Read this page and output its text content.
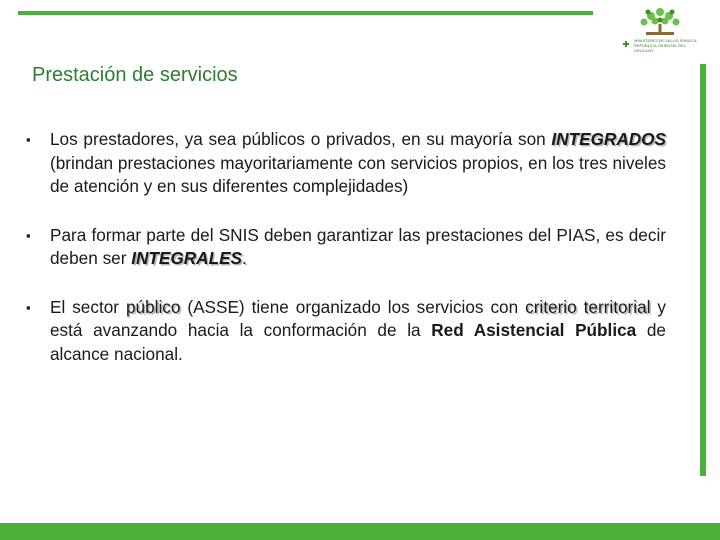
MINISTERIO DE SALUD PÚBLICA
REPÚBLICA ORIENTAL DEL URUGUAY
Prestación de servicios

▪ Los prestadores, ya sea públicos o privados, en su mayoría son INTEGRADOS (brindan prestaciones mayoritariamente con servicios propios, en los tres niveles de atención y en sus diferentes complejidades)

▪ Para formar parte del SNIS deben garantizar las prestaciones del PIAS, es decir deben ser INTEGRALES.

▪ El sector público (ASSE) tiene organizado los servicios con criterio territorial y está avanzando hacia la conformación de la Red Asistencial Pública de alcance nacional.
